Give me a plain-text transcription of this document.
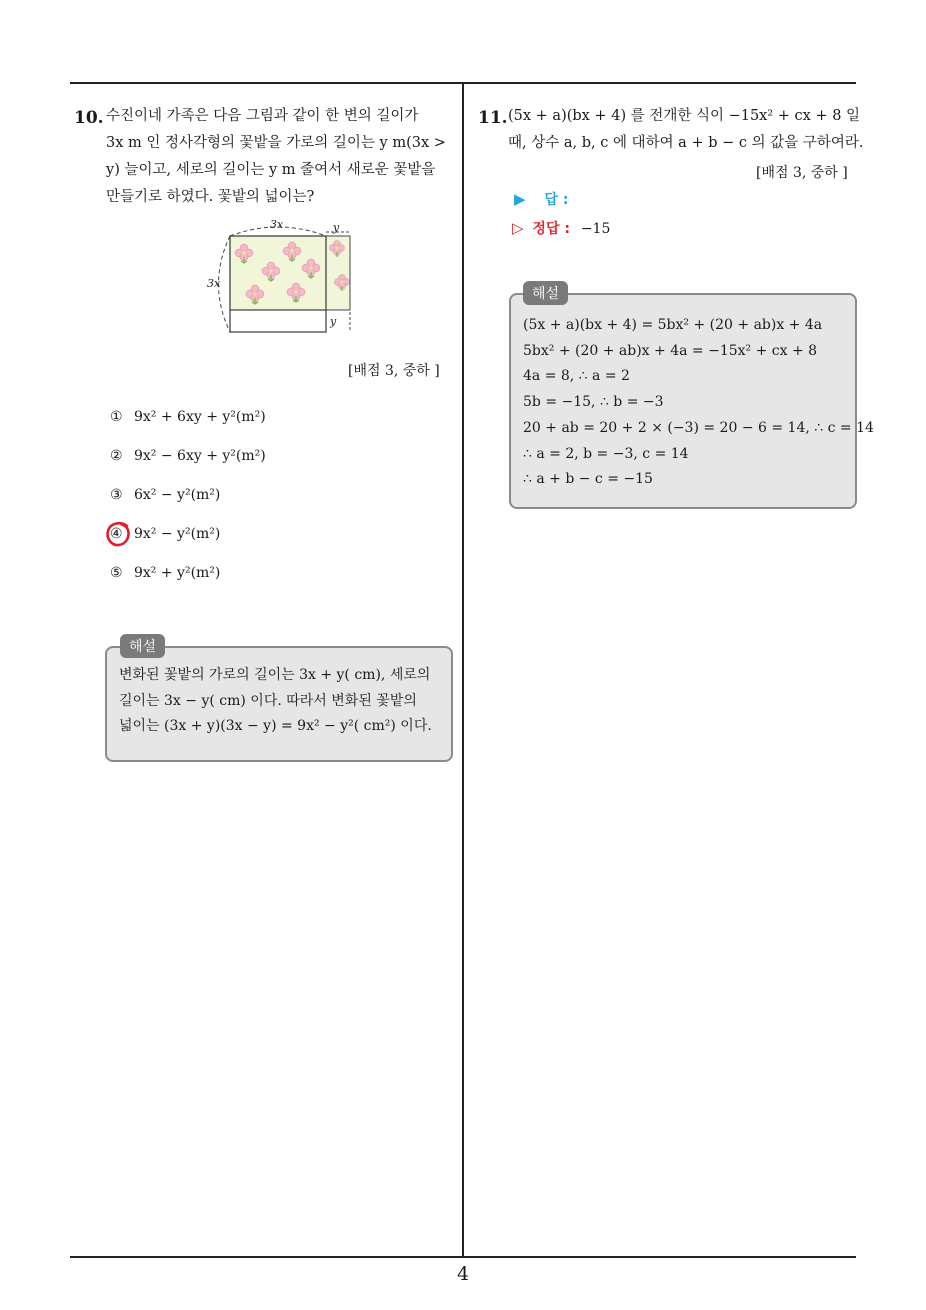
10. 수진이네 가족은 다음 그림과 같이 한 변의 길이가
3x m 인 정사각형의 꽃밭을 가로의 길이는 y m(3x >
y) 늘이고, 세로의 길이는 y m 줄여서 새로운 꽃밭을
만들기로 하였다. 꽃밭의 넓이는?
3x	y
3x
y
[배점 3, 중하 ]
① 9x² + 6xy + y²(m²)
② 9x² − 6xy + y²(m²)
③ 6x² − y²(m²)
④ 9x² − y²(m²)
⑤ 9x² + y²(m²)
변화된 꽃밭의 가로의 길이는 3x + y( cm), 세로의
길이는 3x − y( cm) 이다. 따라서 변화된 꽃밭의
넓이는 (3x + y)(3x − y) = 9x² − y²( cm²) 이다.
해설
11. (5x + a)(bx + 4) 를 전개한 식이 −15x² + cx + 8 일
때, 상수 a, b, c 에 대하여 a + b − c 의 값을 구하여라.
[배점 3, 중하 ]
▶ 답 :
▷ 정답 : −15
(5x + a)(bx + 4) = 5bx² + (20 + ab)x + 4a
5bx² + (20 + ab)x + 4a = −15x² + cx + 8
4a = 8, ∴ a = 2
5b = −15, ∴ b = −3
20 + ab = 20 + 2 × (−3) = 20 − 6 = 14, ∴ c = 14
∴ a = 2, b = −3, c = 14
∴ a + b − c = −15
해설
4
